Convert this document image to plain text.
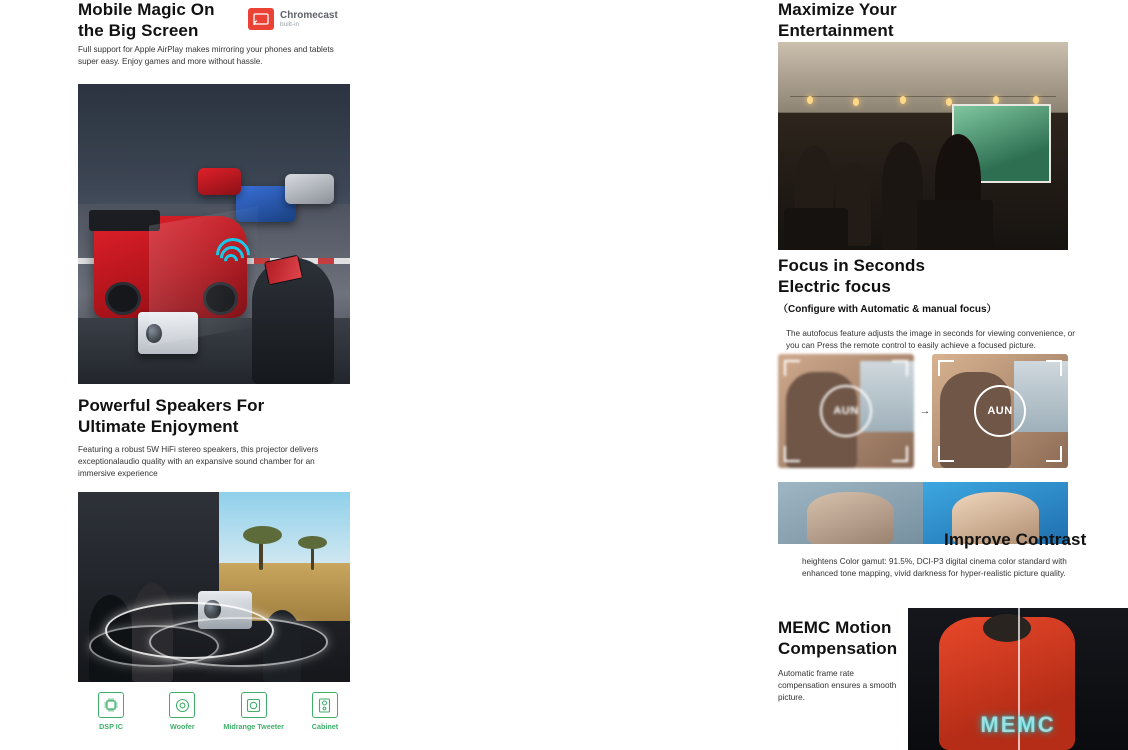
Mobile Magic On
the Big Screen
Chromecast
built-in

Full support for Apple AirPlay makes mirroring your phones and tablets super easy. Enjoy games and more without hassle.

Powerful Speakers For
Ultimate Enjoyment

Featuring a robust 5W HiFi stereo speakers, this projector delivers exceptionalaudio quality with an expansive sound chamber for an immersive experience

DSP IC	Woofer	Midrange Tweeter	Cabinet
Maximize Your
Entertainment
Focus in Seconds
Electric focus
（Configure with Automatic & manual focus）

The autofocus feature adjusts the image in seconds for viewing convenience, or you can Press the remote control to easily achieve a focused picture.

AUN	→	AUN
Improve Contrast

heightens Color gamut: 91.5%, DCI-P3 digital cinema color standard with enhanced tone mapping, vivid darkness for hyper-realistic picture quality.

MEMC
MEMC Motion
Compensation

Automatic frame rate compensation ensures a smooth picture.
